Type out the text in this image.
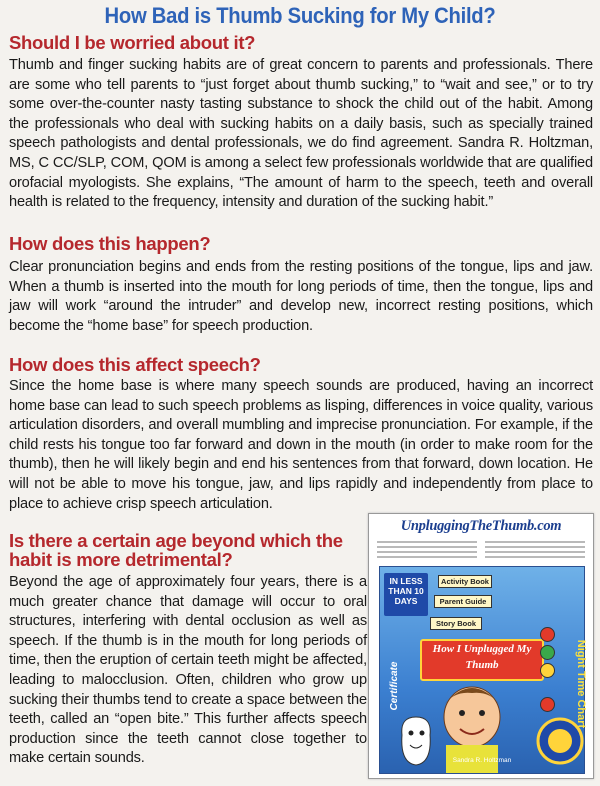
How Bad is Thumb Sucking for My Child?
Should I be worried about it?
Thumb and finger sucking habits are of great concern to parents and professionals. There are some who tell parents to “just forget about thumb sucking,” to “wait and see,” or to try some over-the-counter nasty tasting substance to shock the child out of the habit. Among the professionals who deal with sucking habits on a daily basis, such as specially trained speech pathologists and dental professionals, we do find agreement. Sandra R. Holtzman, MS, C CC/SLP, COM, QOM is among a select few professionals worldwide that are qualified orofacial myologists. She explains, “The amount of harm to the speech, teeth and overall health is related to the frequency, intensity and duration of the sucking habit.”
How does this happen?
Clear pronunciation begins and ends from the resting positions of the tongue, lips and jaw. When a thumb is inserted into the mouth for long periods of time, then the tongue, lips and jaw will work “around the intruder” and develop new, incorrect resting positions, which become the “home base” for speech production.
How does this affect speech?
Since the home base is where many speech sounds are produced, having an incorrect home base can lead to such speech problems as lisping, differences in voice quality, various articulation disorders, and overall mumbling and imprecise pronunciation. For example, if the child rests his tongue too far forward and down in the mouth (in order to make room for the thumb), then he will likely begin and end his sentences from that forward, down location. He will not be able to move his tongue, jaw, and lips rapidly and independently from place to place to achieve crisp speech articulation.
Is there a certain age beyond which the habit is more detrimental?
Beyond the age of approximately four years, there is a much greater chance that damage will occur to oral structures, interfering with dental occlusion as well as speech. If the thumb is in the mouth for long periods of time, then the eruption of certain teeth might be affected, leading to malocclusion. Often, children who grow up sucking their thumbs tend to create a space between the teeth, called an “open bite.” This further affects speech production since the teeth cannot close together to make certain sounds.
UnpluggingTheThumb.com
IN LESS THAN 10 DAYS
Activity Book
Parent Guide
Story Book
How I Unplugged My Thumb
Certificate	Night Time Chart
Sandra R. Holtzman
